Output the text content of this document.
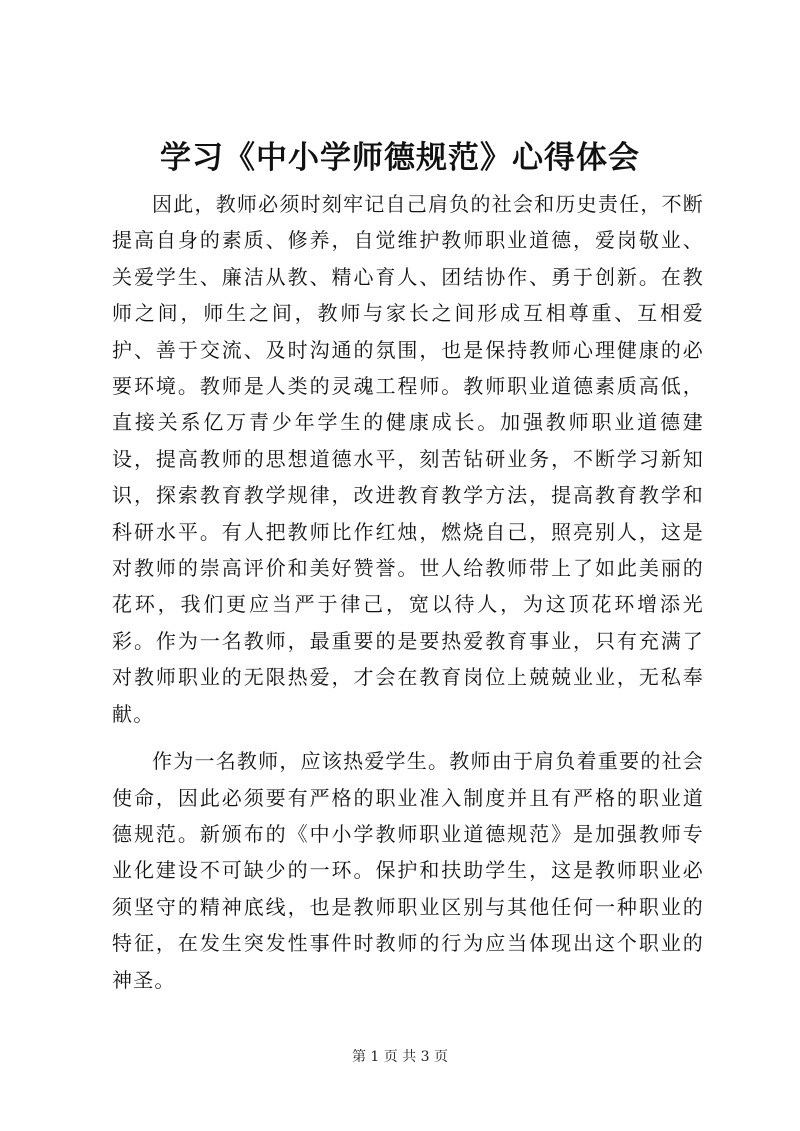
学习《中小学师德规范》心得体会

因此，教师必须时刻牢记自己肩负的社会和历史责任，不断提高自身的素质、修养，自觉维护教师职业道德，爱岗敬业、关爱学生、廉洁从教、精心育人、团结协作、勇于创新。在教师之间，师生之间，教师与家长之间形成互相尊重、互相爱护、善于交流、及时沟通的氛围，也是保持教师心理健康的必要环境。教师是人类的灵魂工程师。教师职业道德素质高低，直接关系亿万青少年学生的健康成长。加强教师职业道德建设，提高教师的思想道德水平，刻苦钻研业务，不断学习新知识，探索教育教学规律，改进教育教学方法，提高教育教学和科研水平。有人把教师比作红烛，燃烧自己，照亮别人，这是对教师的崇高评价和美好赞誉。世人给教师带上了如此美丽的花环，我们更应当严于律己，宽以待人，为这顶花环增添光彩。作为一名教师，最重要的是要热爱教育事业，只有充满了对教师职业的无限热爱，才会在教育岗位上兢兢业业，无私奉献。

作为一名教师，应该热爱学生。教师由于肩负着重要的社会使命，因此必须要有严格的职业准入制度并且有严格的职业道德规范。新颁布的《中小学教师职业道德规范》是加强教师专业化建设不可缺少的一环。保护和扶助学生，这是教师职业必须坚守的精神底线，也是教师职业区别与其他任何一种职业的特征，在发生突发性事件时教师的行为应当体现出这个职业的神圣。

第 1 页 共 3 页
